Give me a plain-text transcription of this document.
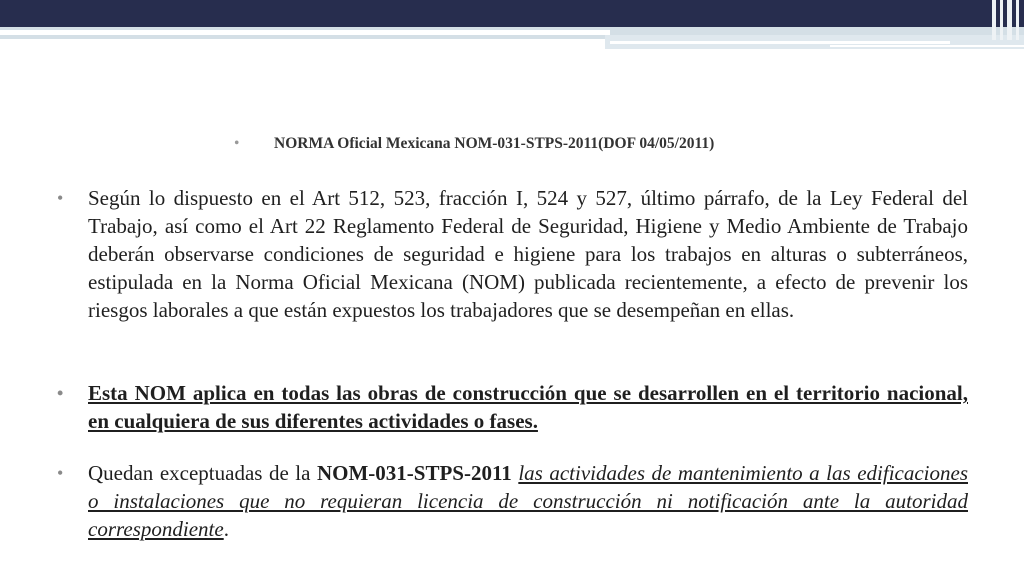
• NORMA Oficial Mexicana NOM-031-STPS-2011(DOF 04/05/2011)
• Según lo dispuesto en el Art 512, 523, fracción I, 524 y 527, último párrafo, de la Ley Federal del Trabajo, así como el Art 22 Reglamento Federal de Seguridad, Higiene y Medio Ambiente de Trabajo deberán observarse condiciones de seguridad e higiene para los trabajos en alturas o subterráneos, estipulada en la Norma Oficial Mexicana (NOM) publicada recientemente, a efecto de prevenir los riesgos laborales a que están expuestos los trabajadores que se desempeñan en ellas.
• Esta NOM aplica en todas las obras de construcción que se desarrollen en el territorio nacional, en cualquiera de sus diferentes actividades o fases.
• Quedan exceptuadas de la NOM-031-STPS-2011 las actividades de mantenimiento a las edificaciones o instalaciones que no requieran licencia de construcción ni notificación ante la autoridad correspondiente.
